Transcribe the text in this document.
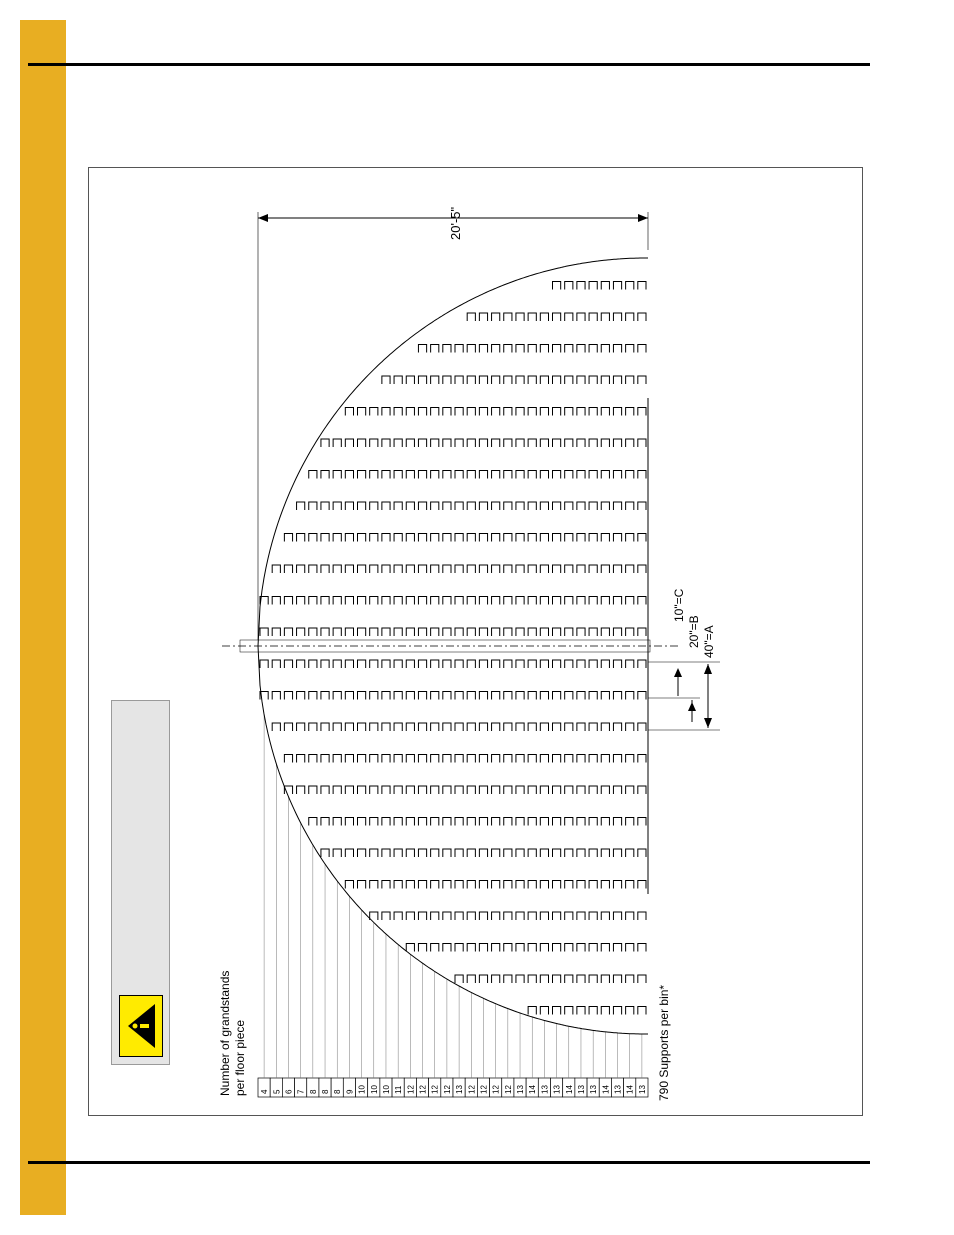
4 5 6 7 8 8 8 9 10 10 10 11 12 12 12 12 13 12 12 12 12 13 14 13 13 14 13 13 14 13 14 13
Number of grandstands per floor piece
20'-5"
790 Supports per bin*
10"=C
20"=B 40"=A
